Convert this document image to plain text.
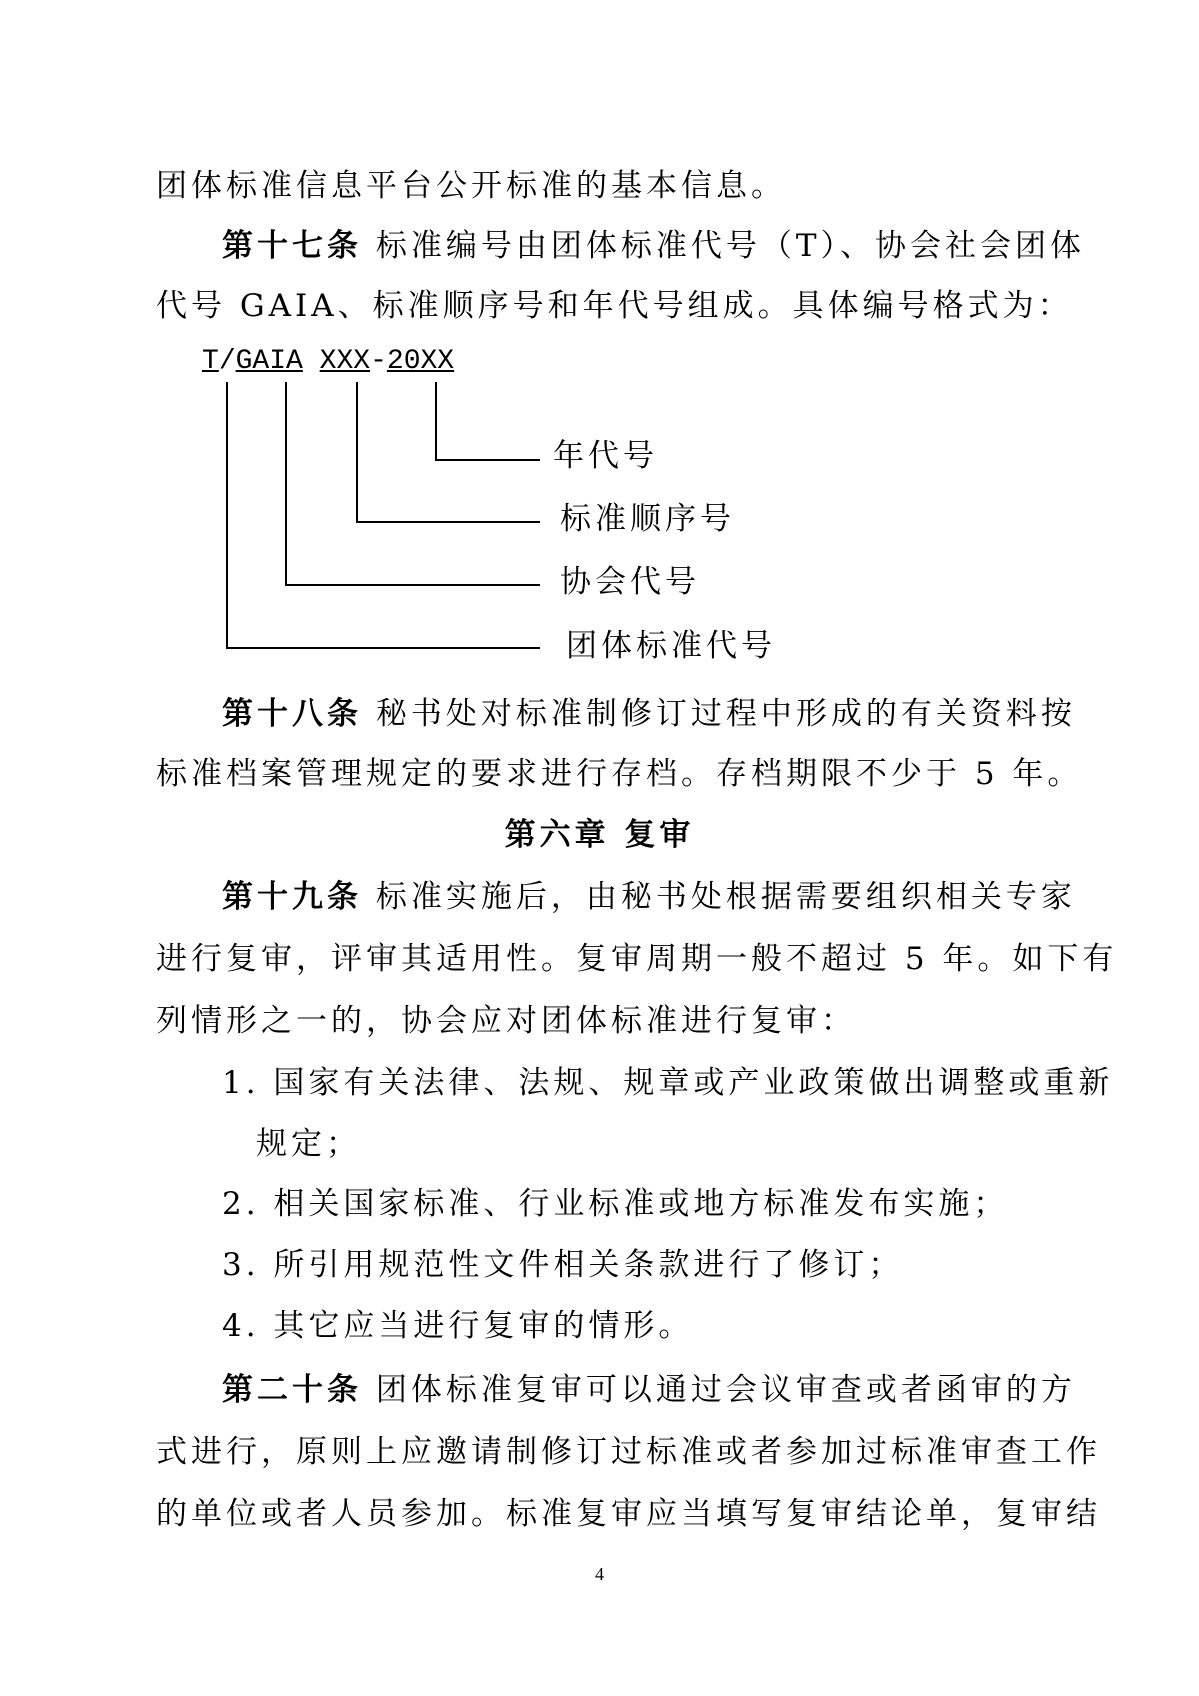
团体标准信息平台公开标准的基本信息。
第十七条 标准编号由团体标准代号（T）、协会社会团体
代号 GAIA、标准顺序号和年代号组成。具体编号格式为：
T/GAIA XXX-20XX
年代号
标准顺序号
协会代号
团体标准代号
第十八条 秘书处对标准制修订过程中形成的有关资料按
标准档案管理规定的要求进行存档。存档期限不少于 5 年。
第六章 复审
第十九条 标准实施后，由秘书处根据需要组织相关专家
进行复审，评审其适用性。复审周期一般不超过 5 年。如下有
列情形之一的，协会应对团体标准进行复审：
1. 国家有关法律、法规、规章或产业政策做出调整或重新
规定；
2. 相关国家标准、行业标准或地方标准发布实施；
3. 所引用规范性文件相关条款进行了修订；
4. 其它应当进行复审的情形。
第二十条 团体标准复审可以通过会议审查或者函审的方
式进行，原则上应邀请制修订过标准或者参加过标准审查工作
的单位或者人员参加。标准复审应当填写复审结论单，复审结
4
